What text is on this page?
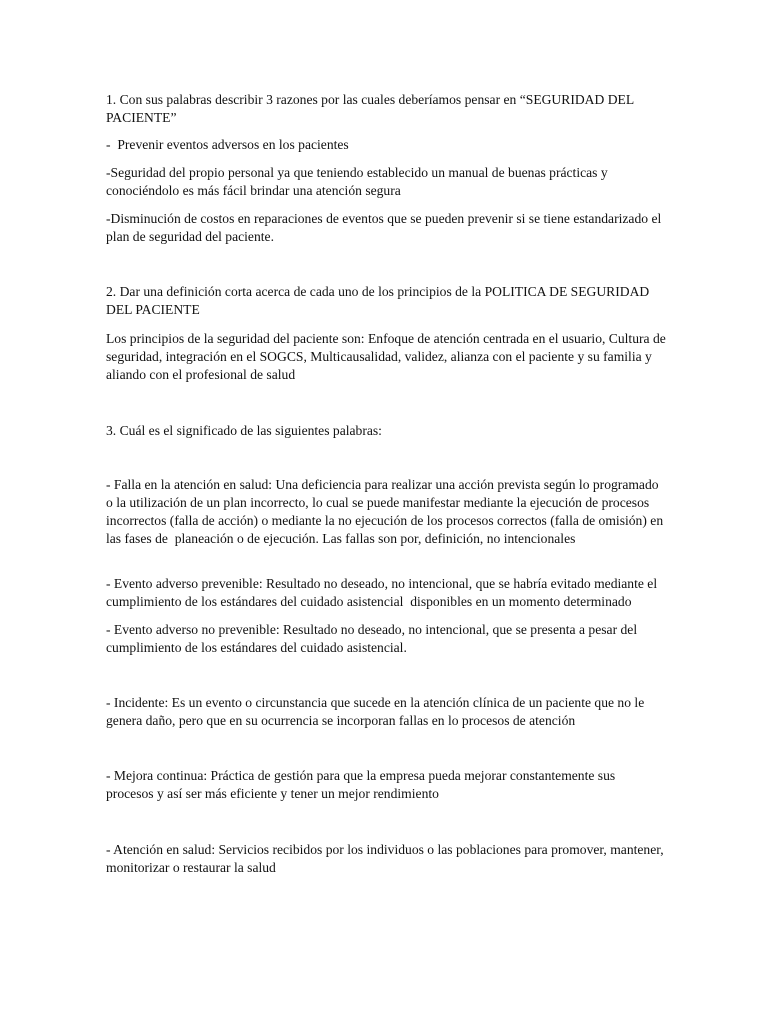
1. Con sus palabras describir 3 razones por las cuales deberíamos pensar en “SEGURIDAD DEL PACIENTE”

-  Prevenir eventos adversos en los pacientes

-Seguridad del propio personal ya que teniendo establecido un manual de buenas prácticas y conociéndolo es más fácil brindar una atención segura

-Disminución de costos en reparaciones de eventos que se pueden prevenir si se tiene estandarizado el plan de seguridad del paciente.

2. Dar una definición corta acerca de cada uno de los principios de la POLITICA DE SEGURIDAD DEL PACIENTE

Los principios de la seguridad del paciente son: Enfoque de atención centrada en el usuario, Cultura de seguridad, integración en el SOGCS, Multicausalidad, validez, alianza con el paciente y su familia y aliando con el profesional de salud

3. Cuál es el significado de las siguientes palabras:

- Falla en la atención en salud: Una deficiencia para realizar una acción prevista según lo programado o la utilización de un plan incorrecto, lo cual se puede manifestar mediante la ejecución de procesos incorrectos (falla de acción) o mediante la no ejecución de los procesos correctos (falla de omisión) en las fases de  planeación o de ejecución. Las fallas son por, definición, no intencionales

- Evento adverso prevenible: Resultado no deseado, no intencional, que se habría evitado mediante el cumplimiento de los estándares del cuidado asistencial  disponibles en un momento determinado

- Evento adverso no prevenible: Resultado no deseado, no intencional, que se presenta a pesar del cumplimiento de los estándares del cuidado asistencial.

- Incidente: Es un evento o circunstancia que sucede en la atención clínica de un paciente que no le genera daño, pero que en su ocurrencia se incorporan fallas en lo procesos de atención

- Mejora continua: Práctica de gestión para que la empresa pueda mejorar constantemente sus procesos y así ser más eficiente y tener un mejor rendimiento

- Atención en salud: Servicios recibidos por los individuos o las poblaciones para promover, mantener, monitorizar o restaurar la salud
